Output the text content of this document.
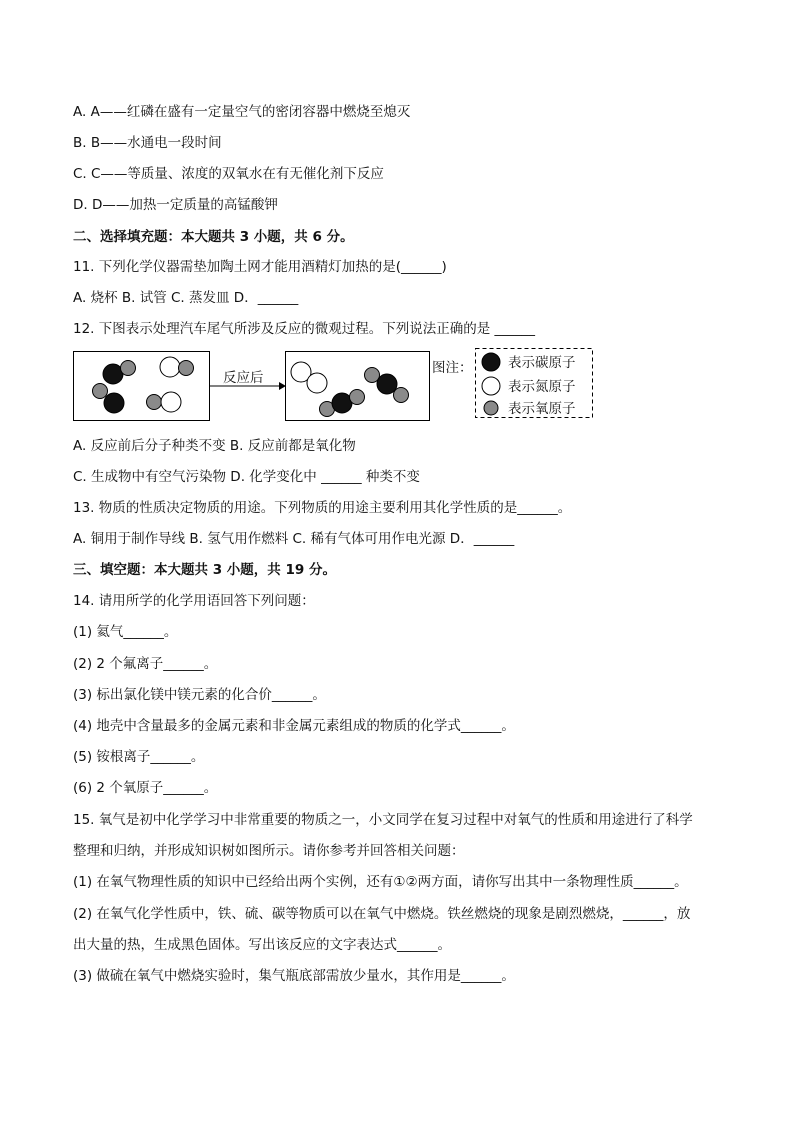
A. A——红磷在盛有一定量空气的密闭容器中燃烧至熄灭
B. B——水通电一段时间
C. C——等质量、浓度的双氧水在有无催化剂下反应
D. D——加热一定质量的高锰酸钾
二、选择填充题：本大题共 3 小题，共 6 分。
11. 下列化学仪器需垫加陶土网才能用酒精灯加热的是(______)
A. 烧杯 B. 试管 C. 蒸发皿 D．______
12. 下图表示处理汽车尾气所涉及反应的微观过程。下列说法正确的是 ______
反应后
图注：	表示碳原子
表示氮原子
表示氧原子
A. 反应前后分子种类不变 B. 反应前都是氧化物
C. 生成物中有空气污染物 D. 化学变化中 ______ 种类不变
13. 物质的性质决定物质的用途。下列物质的用途主要利用其化学性质的是______。
A. 铜用于制作导线 B. 氢气用作燃料 C. 稀有气体可用作电光源 D．______
三、填空题：本大题共 3 小题，共 19 分。
14. 请用所学的化学用语回答下列问题：
(1) 氦气______。
(2) 2 个氟离子______。
(3) 标出氯化镁中镁元素的化合价______。
(4) 地壳中含量最多的金属元素和非金属元素组成的物质的化学式______。
(5) 铵根离子______。
(6) 2 个氧原子______。
15. 氧气是初中化学学习中非常重要的物质之一，小文同学在复习过程中对氧气的性质和用途进行了科学
整理和归纳，并形成知识树如图所示。请你参考并回答相关问题：
(1) 在氧气物理性质的知识中已经给出两个实例，还有①②两方面，请你写出其中一条物理性质______。
(2) 在氧气化学性质中，铁、硫、碳等物质可以在氧气中燃烧。铁丝燃烧的现象是剧烈燃烧，______，放
出大量的热，生成黑色固体。写出该反应的文字表达式______。
(3) 做硫在氧气中燃烧实验时，集气瓶底部需放少量水，其作用是______。
